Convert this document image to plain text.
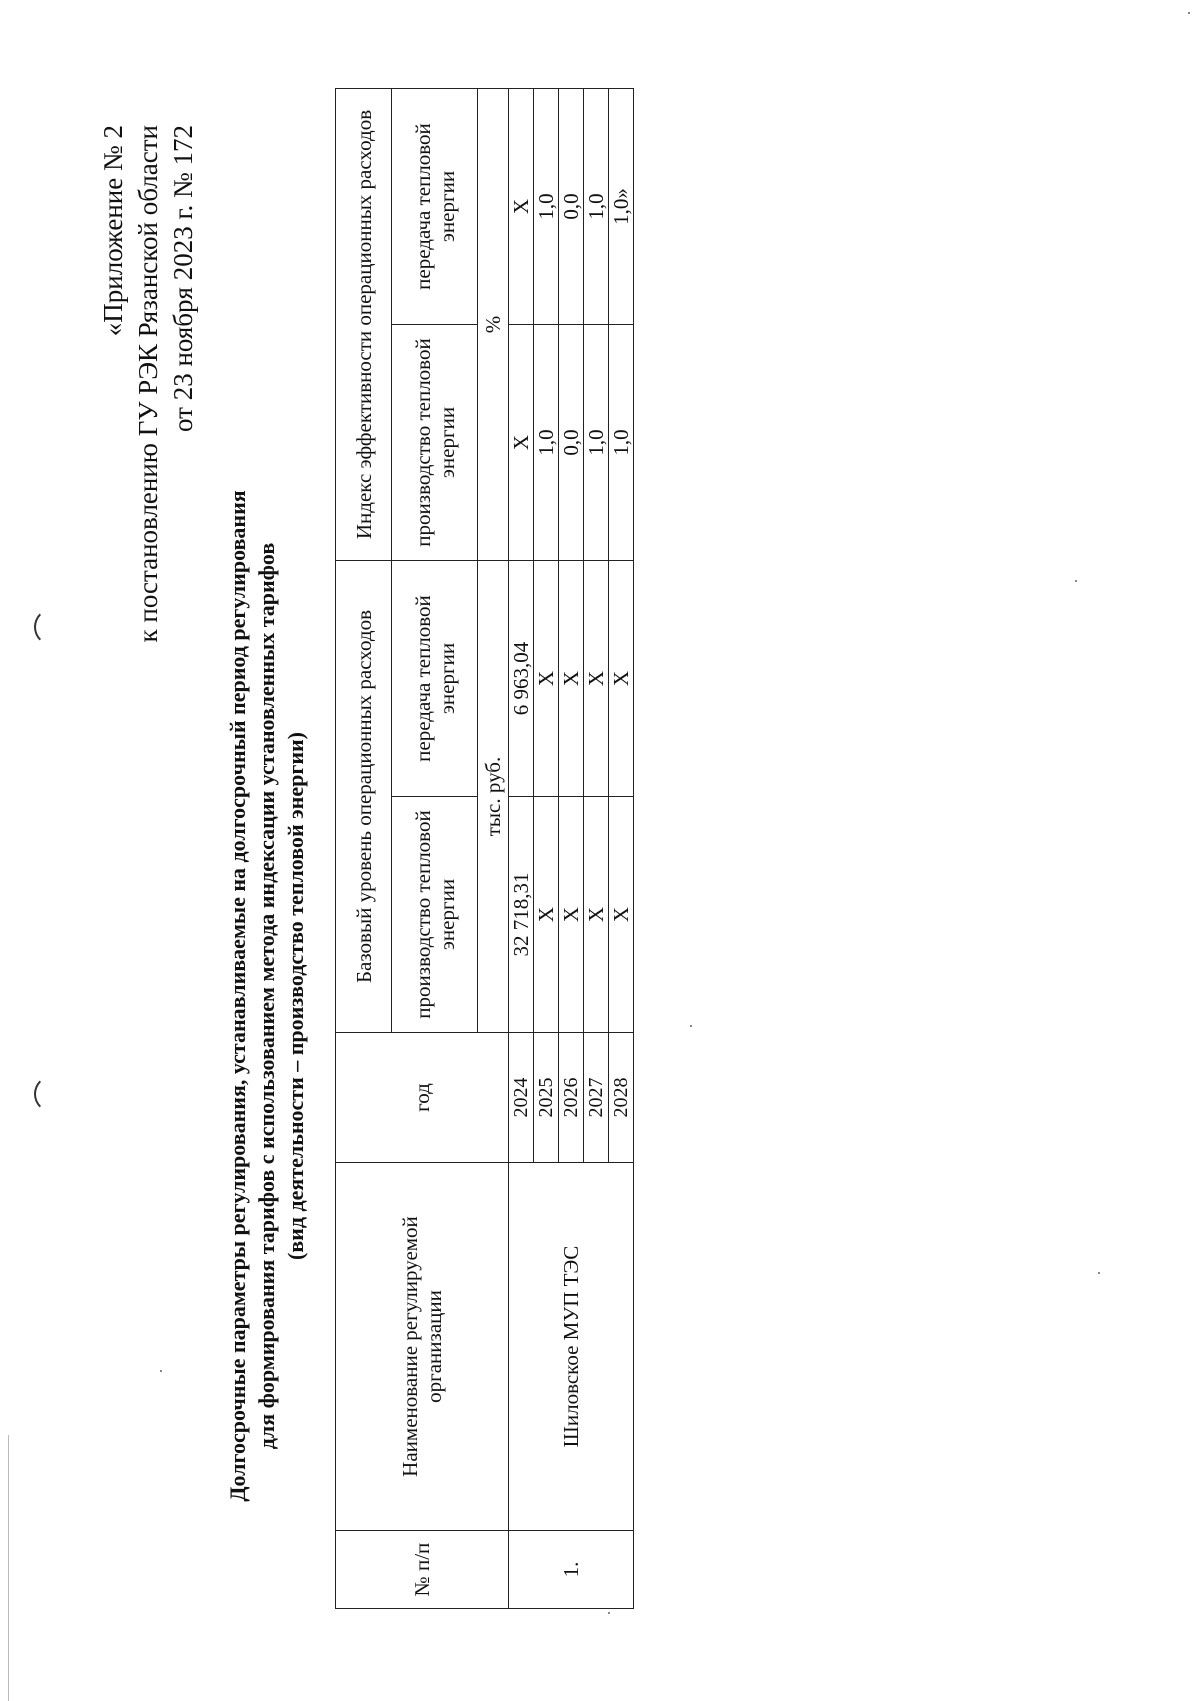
«Приложение № 2 к постановлению ГУ РЭК Рязанской области от 23 ноября 2023 г. № 172
Долгосрочные параметры регулирования, устанавливаемые на долгосрочный период регулирования для формирования тарифов с использованием метода индексации установленных тарифов (вид деятельности – производство тепловой энергии)
№ п/п	Наименование регулируемой организации	год	Базовый уровень операционных расходов		Индекс эффективности операционных расходов	
			производство тепловой энергии	передача тепловой энергии	производство тепловой энергии	передача тепловой энергии
			тыс. руб.		%	
1.	Шиловское МУП ТЭС	2024	32 718,31	6 963,04	X	X
		2025	X	X	1,0	1,0
		2026	X	X	0,0	0,0
		2027	X	X	1,0	1,0
		2028	X	X	1,0	1,0»
